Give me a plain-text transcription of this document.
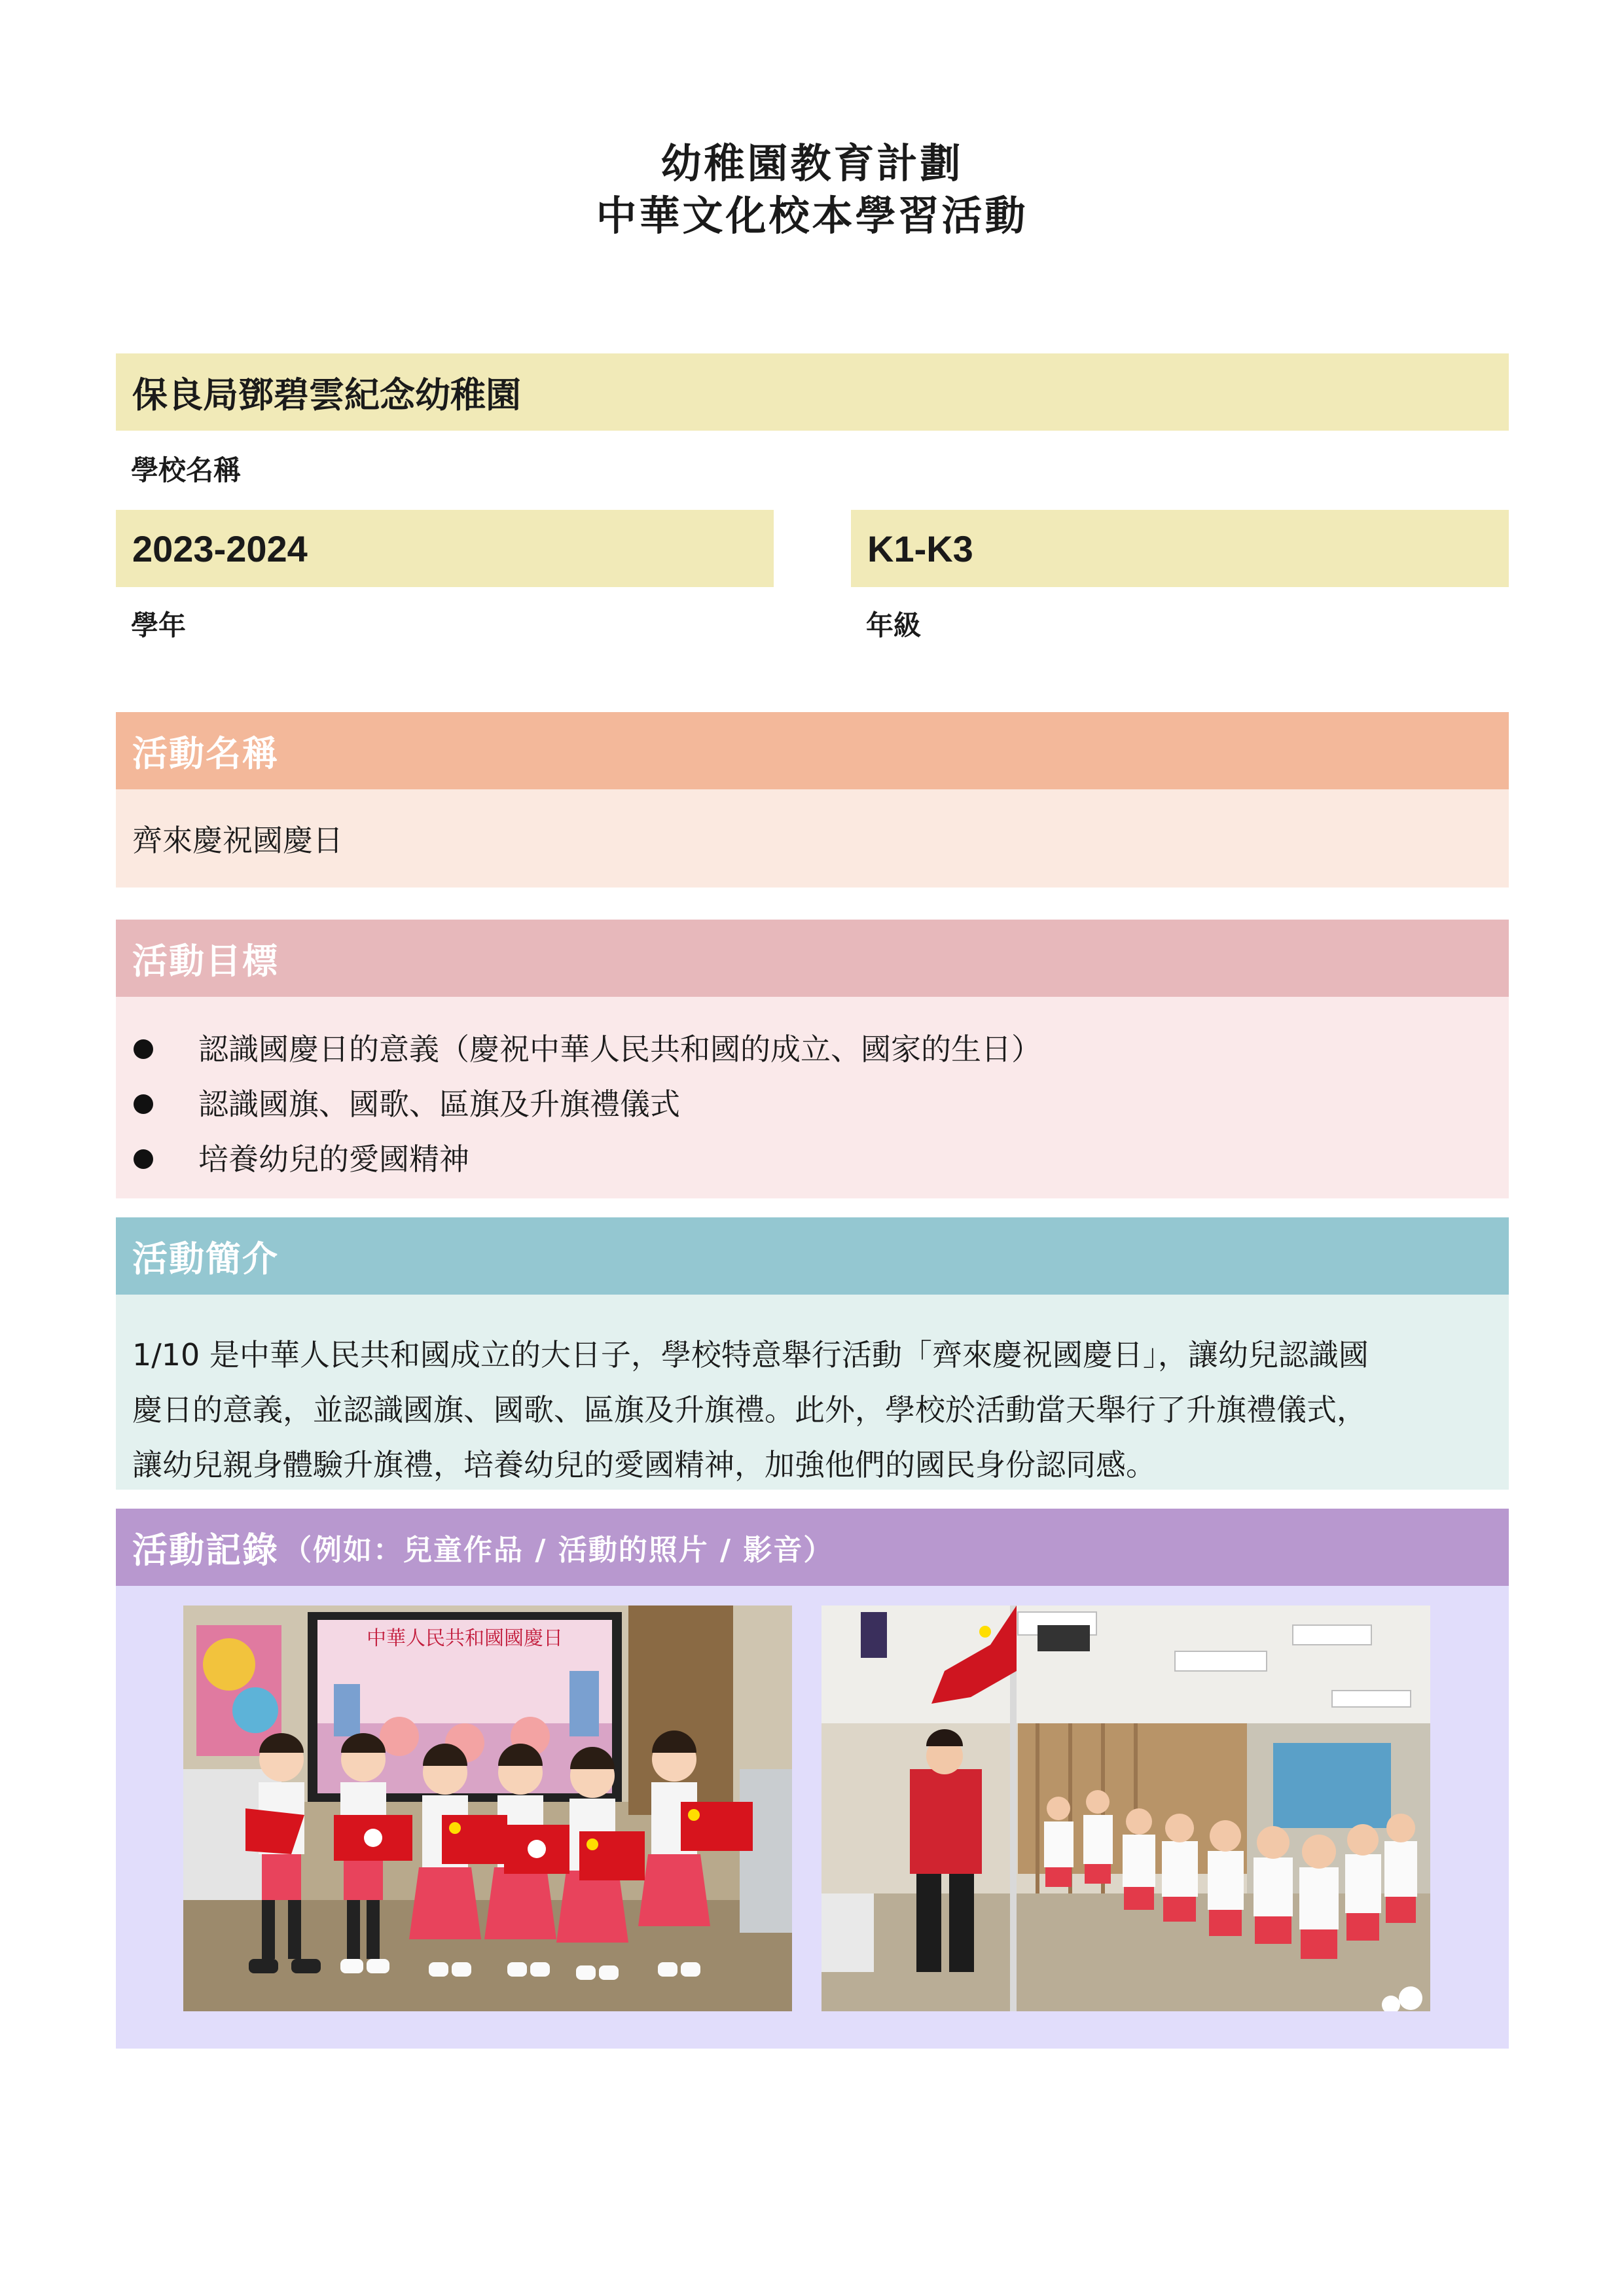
幼稚園教育計劃
中華文化校本學習活動
保良局鄧碧雲紀念幼稚園
學校名稱
2023-2024
學年
K1-K3
年級
活動名稱
齊來慶祝國慶日
活動目標
認識國慶日的意義（慶祝中華人民共和國的成立、國家的生日）
認識國旗、國歌、區旗及升旗禮儀式
培養幼兒的愛國精神
活動簡介

1/10 是中華人民共和國成立的大日子，學校特意舉行活動「齊來慶祝國慶日」，讓幼兒認識國

慶日的意義，並認識國旗、國歌、區旗及升旗禮。此外，學校於活動當天舉行了升旗禮儀式，

讓幼兒親身體驗升旗禮，培養幼兒的愛國精神，加強他們的國民身份認同感。

活動記錄 （例如：兒童作品 / 活動的照片 / 影音）
中華人民共和國國慶日
